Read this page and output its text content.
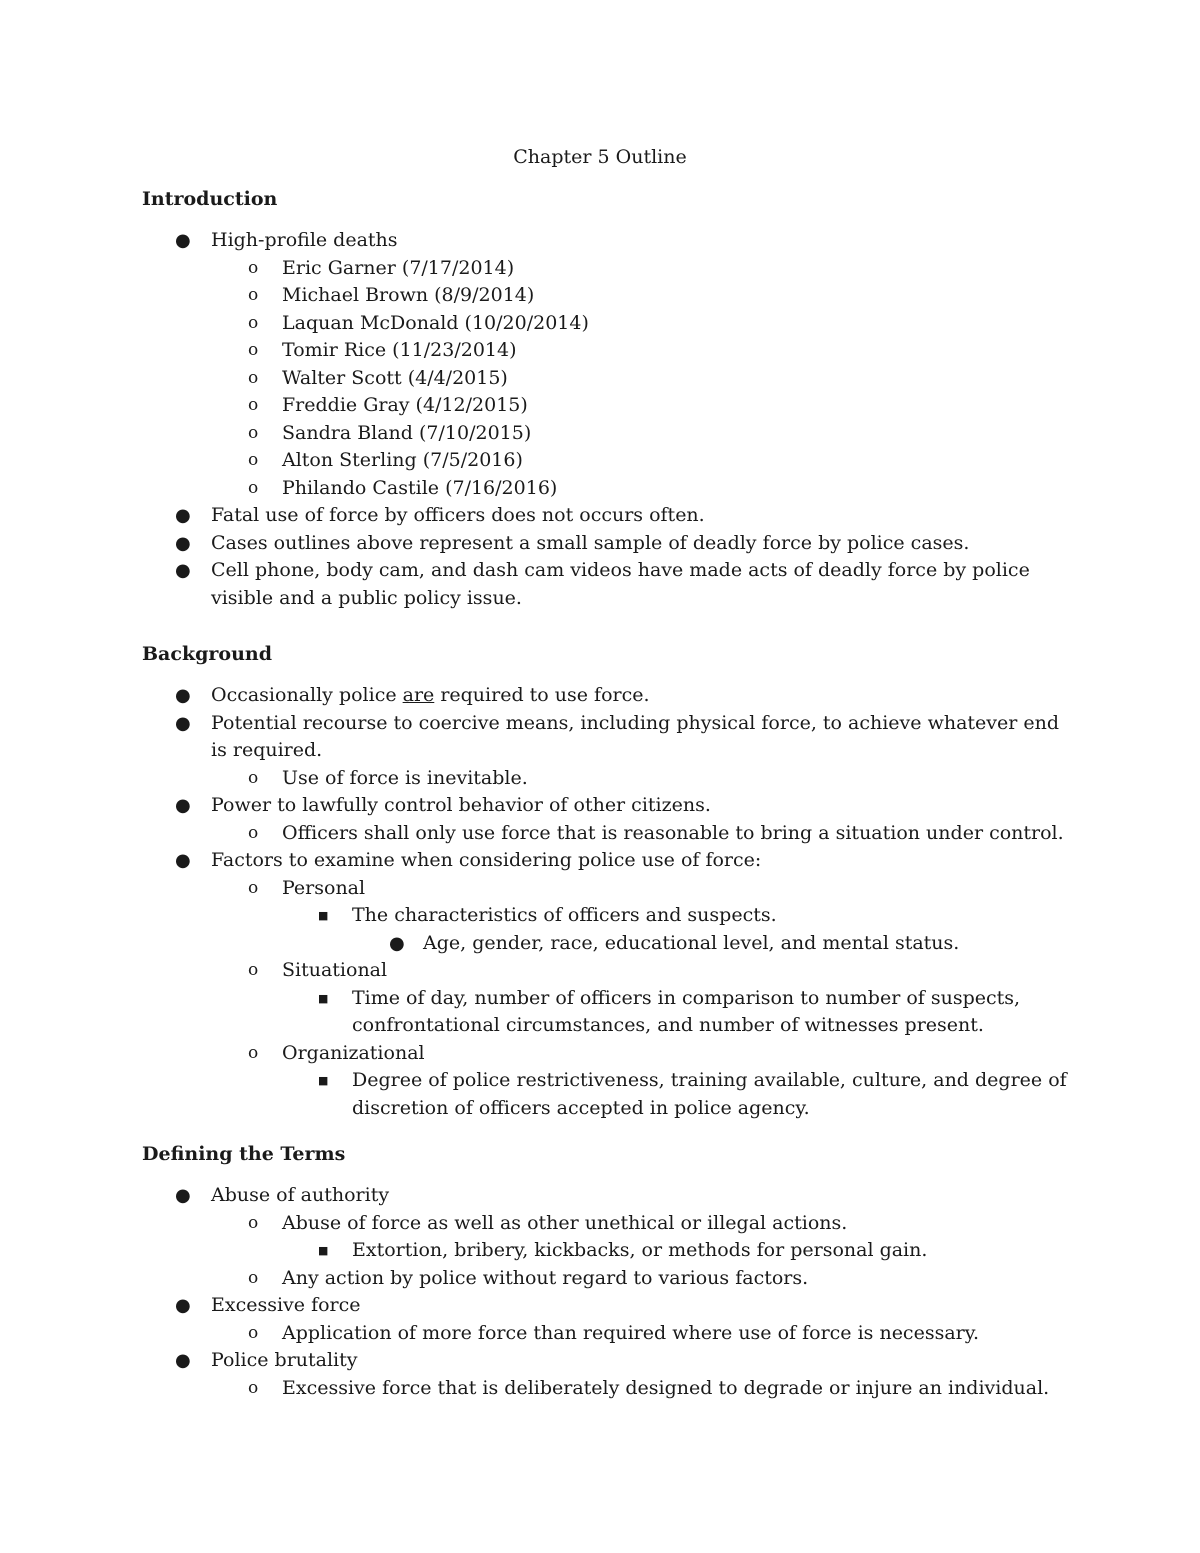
Chapter 5 Outline
Introduction
● High-profile deaths
o Eric Garner (7/17/2014)
o Michael Brown (8/9/2014)
o Laquan McDonald (10/20/2014)
o Tomir Rice (11/23/2014)
o Walter Scott (4/4/2015)
o Freddie Gray (4/12/2015)
o Sandra Bland (7/10/2015)
o Alton Sterling (7/5/2016)
o Philando Castile (7/16/2016)
● Fatal use of force by officers does not occurs often.
● Cases outlines above represent a small sample of deadly force by police cases.
● Cell phone, body cam, and dash cam videos have made acts of deadly force by police visible and a public policy issue.
Background
● Occasionally police are required to use force.
● Potential recourse to coercive means, including physical force, to achieve whatever end is required.
o Use of force is inevitable.
● Power to lawfully control behavior of other citizens.
o Officers shall only use force that is reasonable to bring a situation under control.
● Factors to examine when considering police use of force:
o Personal
■ The characteristics of officers and suspects.
● Age, gender, race, educational level, and mental status.
o Situational
■ Time of day, number of officers in comparison to number of suspects, confrontational circumstances, and number of witnesses present.
o Organizational
■ Degree of police restrictiveness, training available, culture, and degree of discretion of officers accepted in police agency.
Defining the Terms
● Abuse of authority
o Abuse of force as well as other unethical or illegal actions.
■ Extortion, bribery, kickbacks, or methods for personal gain.
o Any action by police without regard to various factors.
● Excessive force
o Application of more force than required where use of force is necessary.
● Police brutality
o Excessive force that is deliberately designed to degrade or injure an individual.
